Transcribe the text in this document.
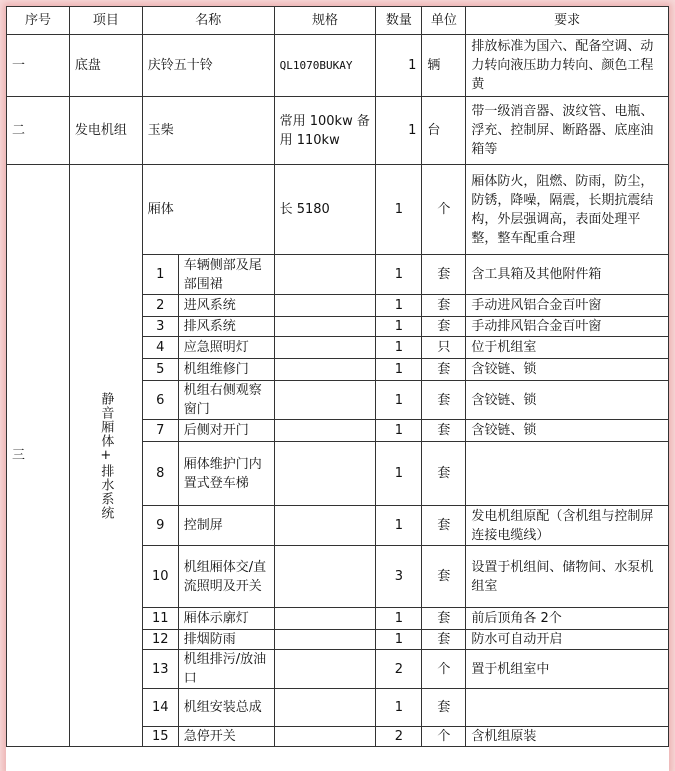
序号	项目	名称		规格	数量	单位	要求
一	底盘	庆铃五十铃		QL1070BUKAY	1	辆	排放标准为国六、配备空调、动力转向液压助力转向、颜色工程黄
二	发电机组	玉柴		常用 100kw 备用 110kw	1	台	带一级消音器、波纹管、电瓶、浮充、控制屏、断路器、底座油箱等
三	静音厢体+排水系统	厢体		长 5180	1	个	厢体防火，阻燃、防雨，防尘，防锈，降噪，隔震，长期抗震结构，外层强调高，表面处理平整，整车配重合理
		1	车辆侧部及尾部围裙		1	套	含工具箱及其他附件箱
		2	进风系统		1	套	手动进风铝合金百叶窗
		3	排风系统		1	套	手动排风铝合金百叶窗
		4	应急照明灯		1	只	位于机组室
		5	机组维修门		1	套	含铰链、锁
		6	机组右侧观察窗门		1	套	含铰链、锁
		7	后侧对开门		1	套	含铰链、锁
		8	厢体维护门内置式登车梯		1	套	
		9	控制屏		1	套	发电机组原配（含机组与控制屏连接电缆线）
		10	机组厢体交/直流照明及开关		3	套	设置于机组间、储物间、水泵机组室
		11	厢体示廓灯		1	套	前后顶角各 2个
		12	排烟防雨		1	套	防水可自动开启
		13	机组排污/放油口		2	个	置于机组室中
		14	机组安装总成		1	套	
		15	急停开关		2	个	含机组原装
